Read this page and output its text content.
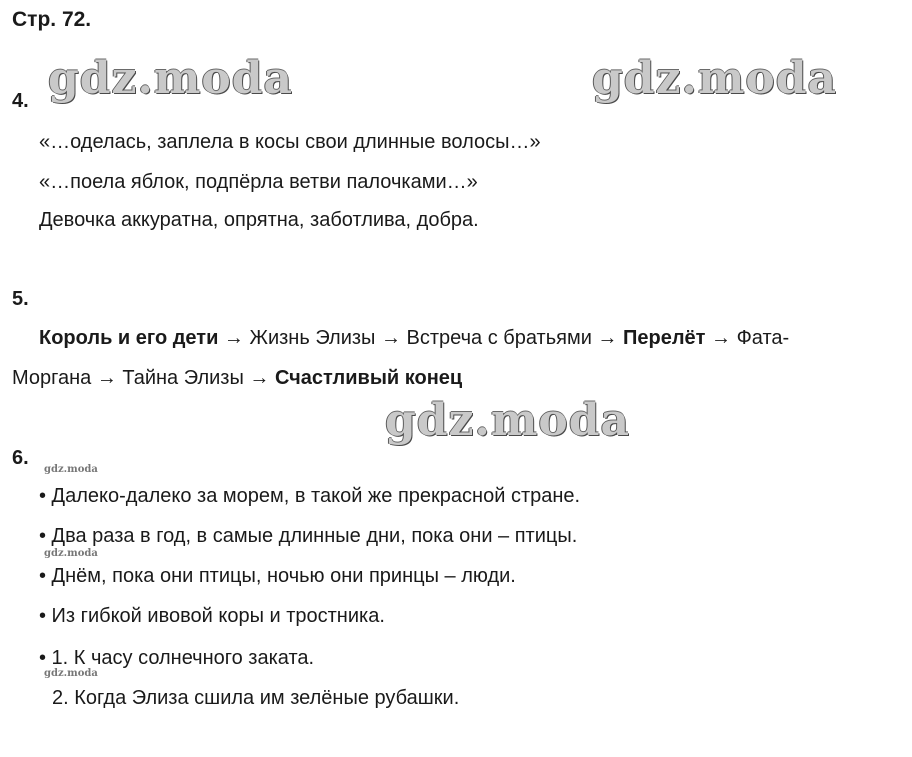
Стр. 72.
gdz.moda	gdz.moda
gdz.moda
gdz.moda
gdz.moda
gdz.moda
4.
«…оделась, заплела в косы свои длинные волосы…»
«…поела яблок, подпёрла ветви палочками…»
Девочка аккуратна, опрятна, заботлива, добра.
5.
Король и его дети → Жизнь Элизы → Встреча с братьями → Перелёт → Фата-
Моргана → Тайна Элизы → Счастливый конец
6.
• Далеко-далеко за морем, в такой же прекрасной стране.
• Два раза в год, в самые длинные дни, пока они – птицы.
• Днём, пока они птицы, ночью они принцы – люди.
• Из гибкой ивовой коры и тростника.
• 1. К часу солнечного заката.
2. Когда Элиза сшила им зелёные рубашки.
